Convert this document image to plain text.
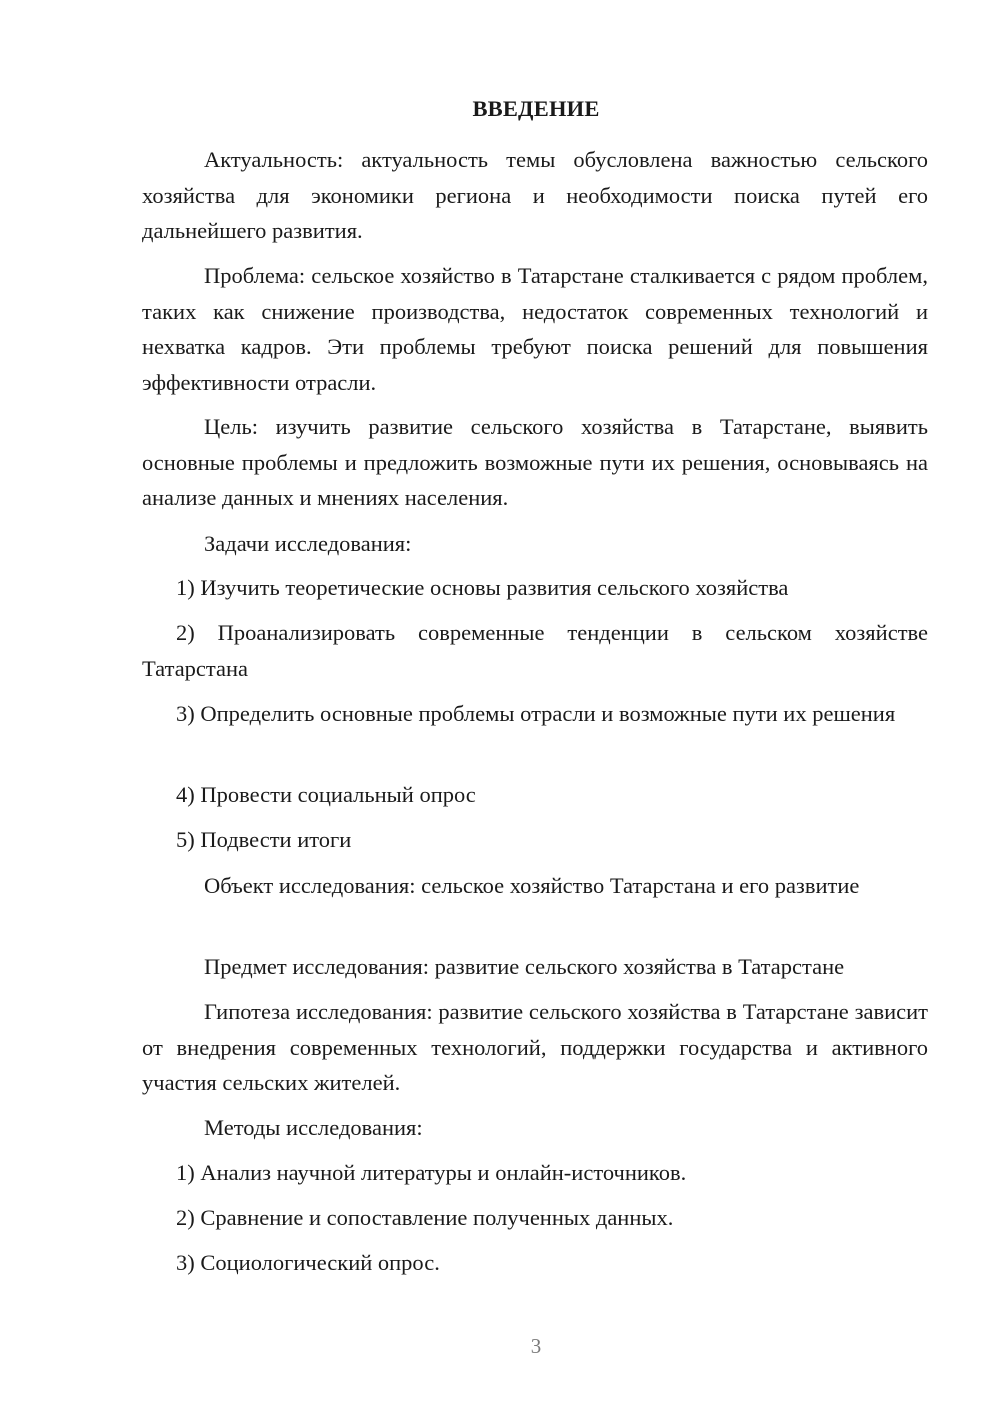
ВВЕДЕНИЕ

Актуальность: актуальность темы обусловлена важностью сельского хозяйства для экономики региона и необходимости поиска путей его дальнейшего развития.

Проблема: сельское хозяйство в Татарстане сталкивается с рядом проблем, таких как снижение производства, недостаток современных технологий и нехватка кадров. Эти проблемы требуют поиска решений для повышения эффективности отрасли.

Цель: изучить развитие сельского хозяйства в Татарстане, выявить основные проблемы и предложить возможные пути их решения, основываясь на анализе данных и мнениях населения.

Задачи исследования:

1) Изучить теоретические основы развития сельского хозяйства

2) Проанализировать современные тенденции в сельском хозяйстве Татарстана

3) Определить основные проблемы отрасли и возможные пути их решения

4) Провести социальный опрос

5) Подвести итоги

Объект исследования: сельское хозяйство Татарстана и его развитие

Предмет исследования: развитие сельского хозяйства в Татарстане

Гипотеза исследования: развитие сельского хозяйства в Татарстане зависит от внедрения современных технологий, поддержки государства и активного участия сельских жителей.

Методы исследования:

1) Анализ научной литературы и онлайн-источников.

2) Сравнение и сопоставление полученных данных.

3) Социологический опрос.

3
